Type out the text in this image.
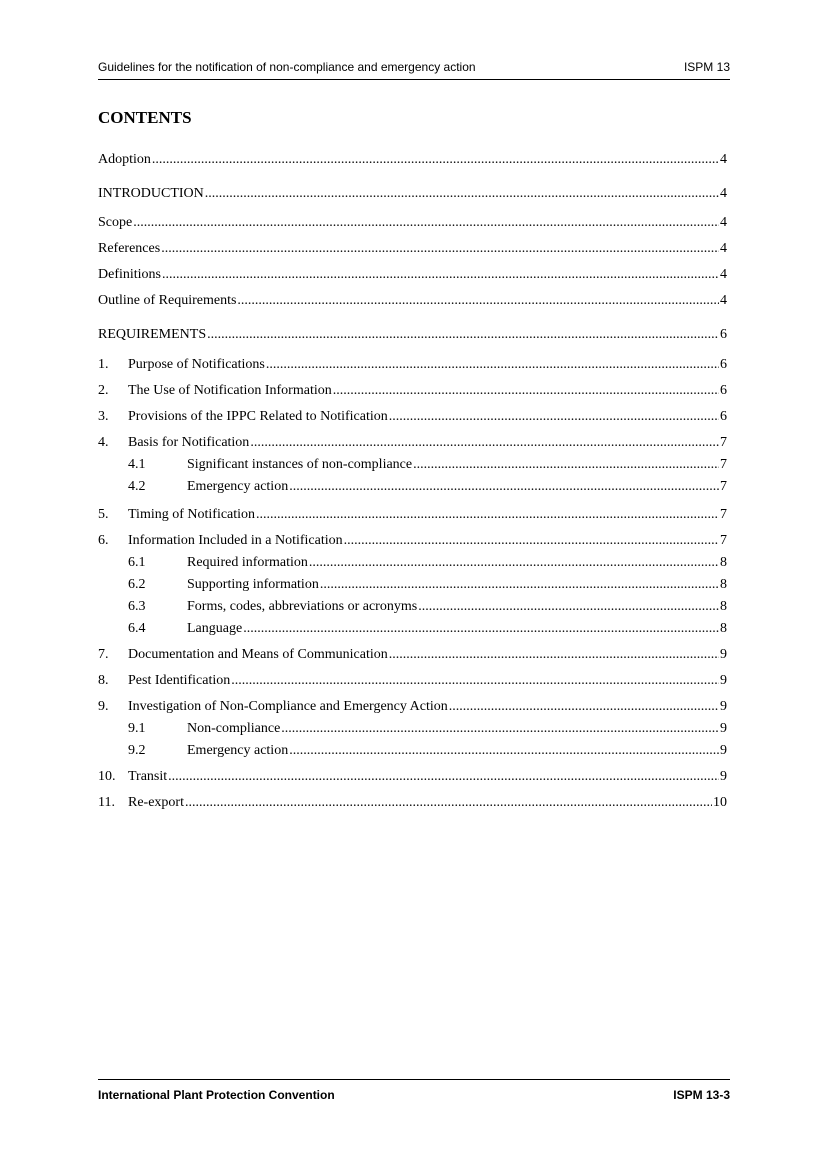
Guidelines for the notification of non-compliance and emergency action	ISPM 13
CONTENTS
Adoption .....	4
INTRODUCTION .....	4
Scope .....	4
References .....	4
Definitions .....	4
Outline of Requirements .....	4
REQUIREMENTS .....	6
1.	Purpose of Notifications .....	6
2.	The Use of Notification Information .....	6
3.	Provisions of the IPPC Related to Notification .....	6
4.	Basis for Notification .....	7
4.1	Significant instances of non-compliance .....	7
4.2	Emergency action .....	7
5.	Timing of Notification .....	7
6.	Information Included in a Notification .....	7
6.1	Required information .....	8
6.2	Supporting information .....	8
6.3	Forms, codes, abbreviations or acronyms .....	8
6.4	Language .....	8
7.	Documentation and Means of Communication .....	9
8.	Pest Identification .....	9
9.	Investigation of Non-Compliance and Emergency Action .....	9
9.1	Non-compliance .....	9
9.2	Emergency action .....	9
10. Transit .....	9
11. Re-export .....	10
International Plant Protection Convention	ISPM 13-3
